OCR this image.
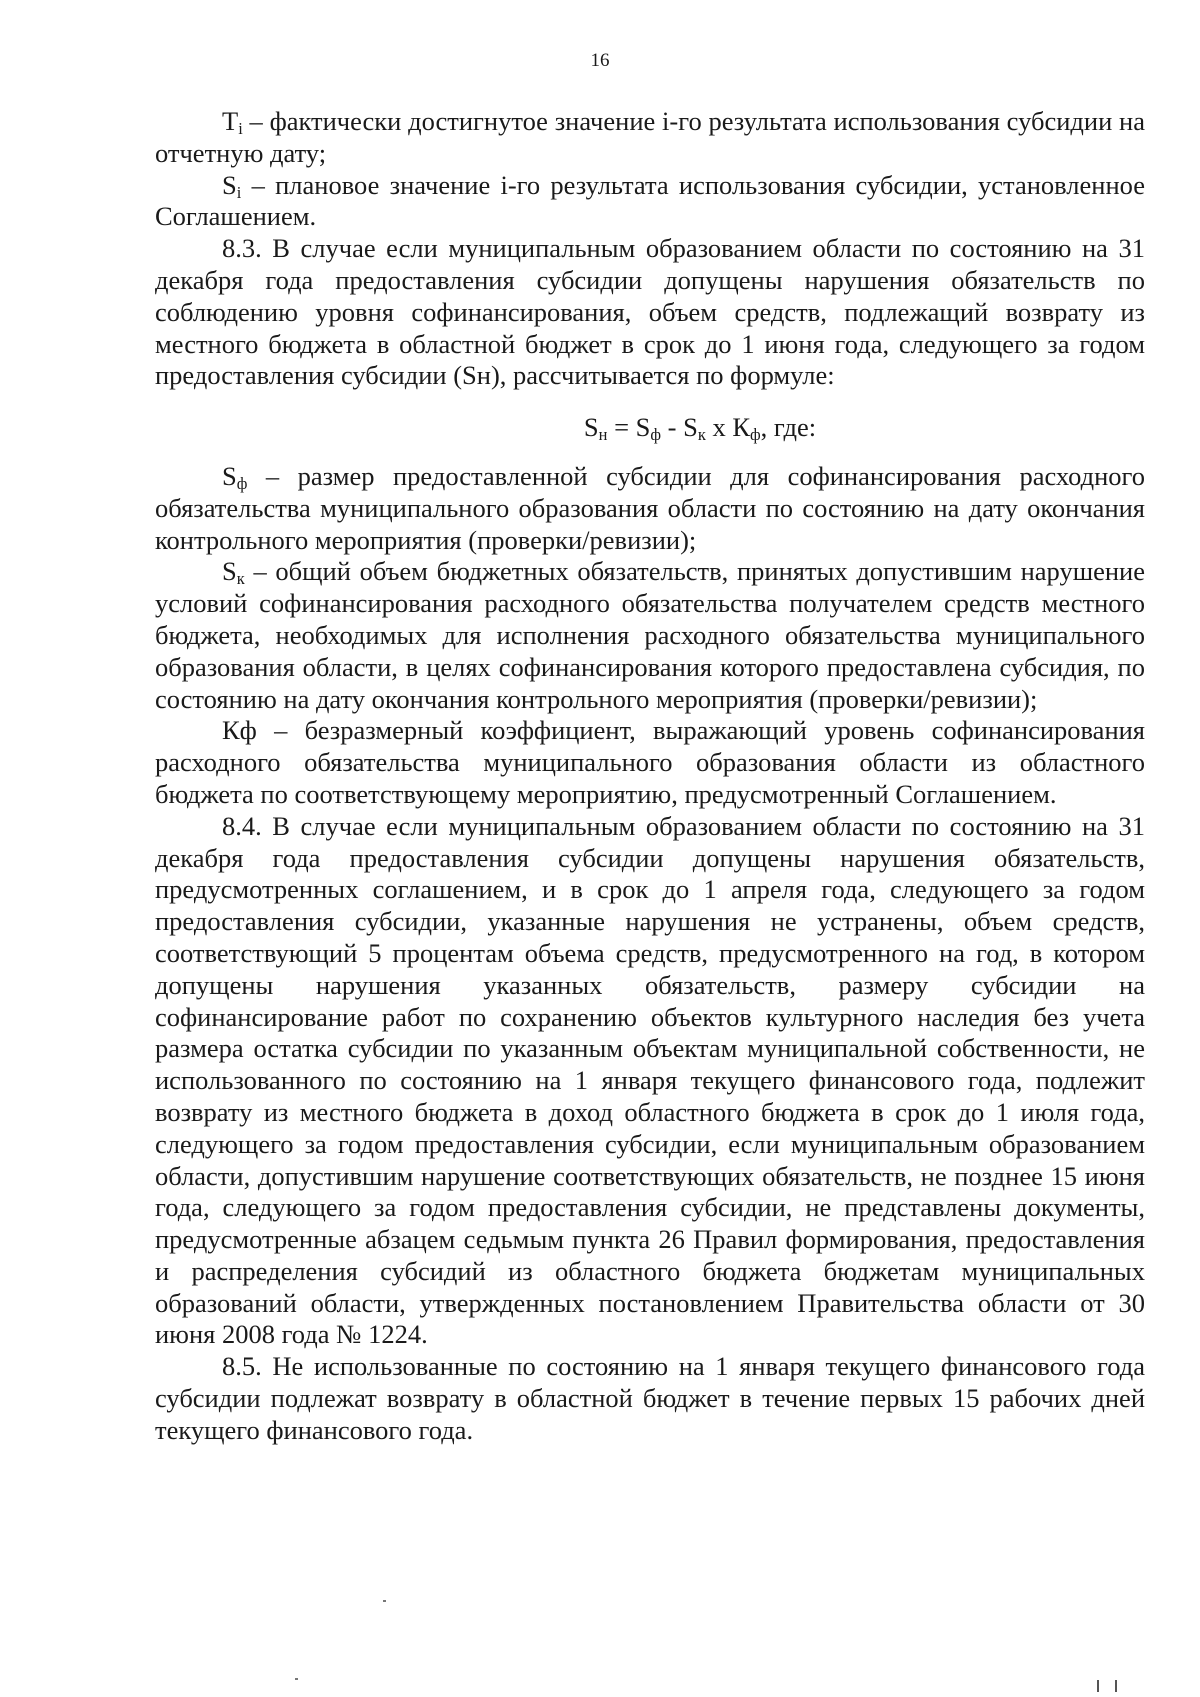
16

$T_i$ – фактически достигнутое значение i-го результата использования субсидии на отчетную дату;

$S_i$ – плановое значение i-го результата использования субсидии, установленное Соглашением.

8.3. В случае если муниципальным образованием области по состоянию на 31 декабря года предоставления субсидии допущены нарушения обязательств по соблюдению уровня софинансирования, объем средств, подлежащий возврату из местного бюджета в областной бюджет в срок до 1 июня года, следующего за годом предоставления субсидии (Sн), рассчитывается по формуле:

$S_н = S_ф - S_к$ x $К_ф$, где:

$S_ф$ – размер предоставленной субсидии для софинансирования расходного обязательства муниципального образования области по состоянию на дату окончания контрольного мероприятия (проверки/ревизии);

$S_к$ – общий объем бюджетных обязательств, принятых допустившим нарушение условий софинансирования расходного обязательства получателем средств местного бюджета, необходимых для исполнения расходного обязательства муниципального образования области, в целях софинансирования которого предоставлена субсидия, по состоянию на дату окончания контрольного мероприятия (проверки/ревизии);

Кф – безразмерный коэффициент, выражающий уровень софинансирования расходного обязательства муниципального образования области из областного бюджета по соответствующему мероприятию, предусмотренный Соглашением.

8.4. В случае если муниципальным образованием области по состоянию на 31 декабря года предоставления субсидии допущены нарушения обязательств, предусмотренных соглашением, и в срок до 1 апреля года, следующего за годом предоставления субсидии, указанные нарушения не устранены, объем средств, соответствующий 5 процентам объема средств, предусмотренного на год, в котором допущены нарушения указанных обязательств, размеру субсидии на софинансирование работ по сохранению объектов культурного наследия без учета размера остатка субсидии по указанным объектам муниципальной собственности, не использованного по состоянию на 1 января текущего финансового года, подлежит возврату из местного бюджета в доход областного бюджета в срок до 1 июля года, следующего за годом предоставления субсидии, если муниципальным образованием области, допустившим нарушение соответствующих обязательств, не позднее 15 июня года, следующего за годом предоставления субсидии, не представлены документы, предусмотренные абзацем седьмым пункта 26 Правил формирования, предоставления и распределения субсидий из областного бюджета бюджетам муниципальных образований области, утвержденных постановлением Правительства области от 30 июня 2008 года № 1224.

8.5. Не использованные по состоянию на 1 января текущего финансового года субсидии подлежат возврату в областной бюджет в течение первых 15 рабочих дней текущего финансового года.
